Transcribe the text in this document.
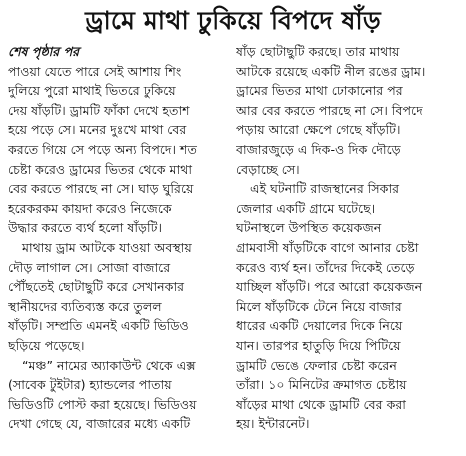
ড্রামে মাথা ঢুকিয়ে বিপদে ষাঁড়
শেষ পৃষ্ঠার পর
পাওয়া যেতে পারে সেই আশায় শিং
দুলিয়ে পুরো মাথাই ভিতরে ঢুকিয়ে
দেয় ষাঁড়টি। ড্রামটি ফাঁকা দেখে হতাশ
হয়ে পড়ে সে। মনের দুঃখে মাথা বের
করতে গিয়ে সে পড়ে অন্য বিপদে। শত
চেষ্টা করেও ড্রামের ভিতর থেকে মাথা
বের করতে পারছে না সে। ঘাড় ঘুরিয়ে
হরেকরকম কায়দা করেও নিজেকে
উদ্ধার করতে ব্যর্থ হলো ষাঁড়টি।
মাথায় ড্রাম আটকে যাওয়া অবস্থায়
দৌড় লাগাল সে। সোজা বাজারে
পৌঁছতেই ছোটাছুটি করে সেখানকার
স্থানীয়দের ব্যতিব্যস্ত করে তুলল
ষাঁড়টি। সম্প্রতি এমনই একটি ভিডিও
ছড়িয়ে পড়েছে।
“মঞ্চ” নামের অ্যাকাউন্ট থেকে এক্স
(সাবেক টুইটার) হ্যান্ডলের পাতায়
ভিডিওটি পোস্ট করা হয়েছে। ভিডিওয়
দেখা গেছে যে, বাজারের মধ্যে একটি
ষাঁড় ছোটাছুটি করছে। তার মাথায়
আটকে রয়েছে একটি নীল রঙের ড্রাম।
ড্রামের ভিতর মাথা ঢোকানোর পর
আর বের করতে পারছে না সে। বিপদে
পড়ায় আরো ক্ষেপে গেছে ষাঁড়টি।
বাজারজুড়ে এ দিক-ও দিক দৌড়ে
বেড়াচ্ছে সে।
এই ঘটনাটি রাজস্থানের সিকার
জেলার একটি গ্রামে ঘটেছে।
ঘটনাস্থলে উপস্থিত কয়েকজন
গ্রামবাসী ষাঁড়টিকে বাগে আনার চেষ্টা
করেও ব্যর্থ হন। তাঁদের দিকেই তেড়ে
যাচ্ছিল ষাঁড়টি। পরে আরো কয়েকজন
মিলে ষাঁড়টিকে টেনে নিয়ে বাজার
ধারের একটি দেয়ালের দিকে নিয়ে
যান। তারপর হাতুড়ি দিয়ে পিটিয়ে
ড্রামটি ভেঙে ফেলার চেষ্টা করেন
তাঁরা। ১০ মিনিটের ক্রমাগত চেষ্টায়
ষাঁড়ের মাথা থেকে ড্রামটি বের করা
হয়। ইন্টারনেট।
